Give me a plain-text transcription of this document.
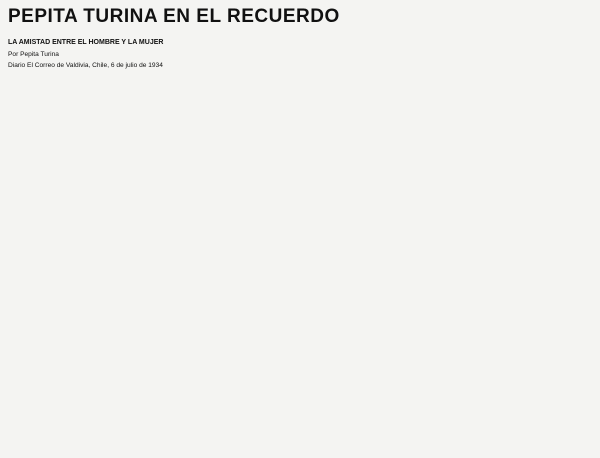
PEPITA TURINA EN EL RECUERDO
LA AMISTAD ENTRE EL HOMBRE Y LA MUJER

Por Pepita Turina

Diario El Correo de Valdivia, Chile, 6 de julio de 1934
